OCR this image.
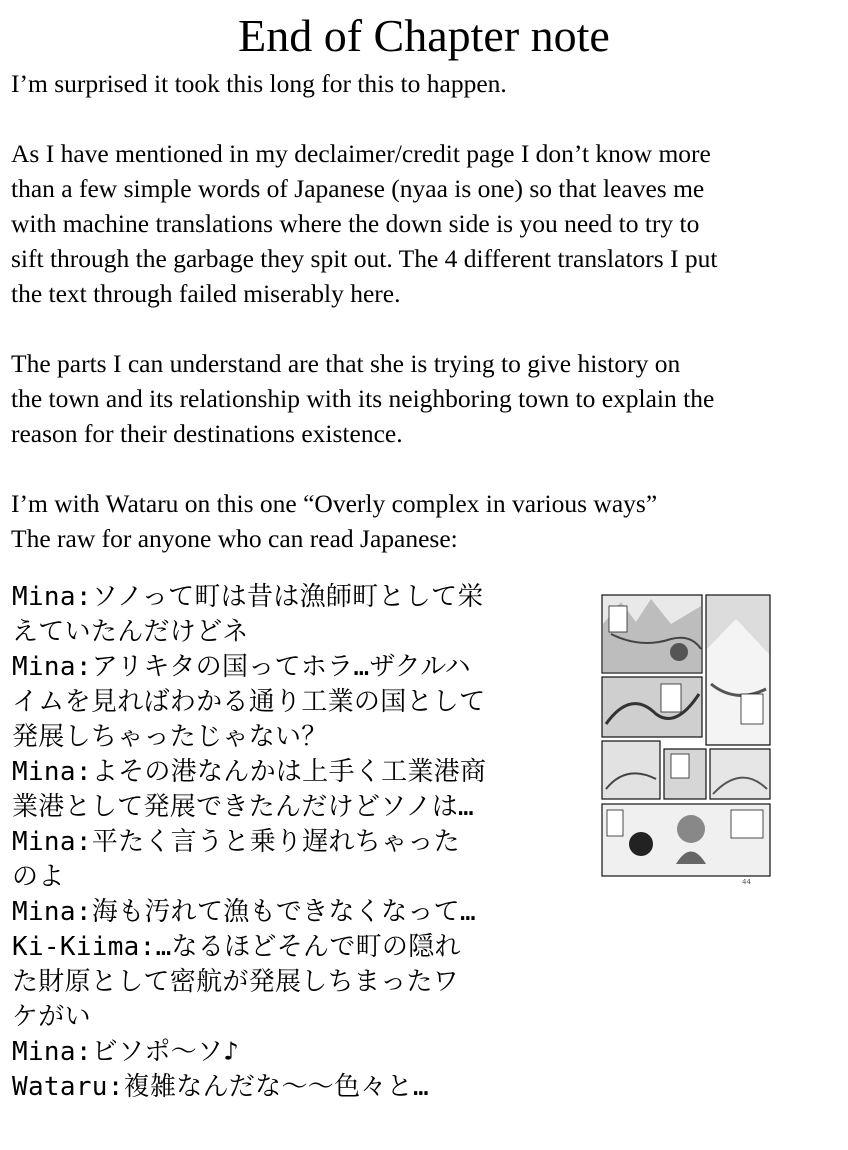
End of Chapter note
I’m surprised it took this long for this to happen.
As I have mentioned in my declaimer/credit page I don’t know more
than a few simple words of Japanese (nyaa is one) so that leaves me
with machine translations where the down side is you need to try to
sift through the garbage they spit out. The 4 different translators I put
the text through failed miserably here.
The parts I can understand are that she is trying to give history on
the town and its relationship with its neighboring town to explain the
reason for their destinations existence.
I’m with Wataru on this one “Overly complex in various ways”
The raw for anyone who can read Japanese:
Mina:ソノって町は昔は漁師町として栄
えていたんだけどネ
Mina:アリキタの国ってホラ…ザクルハ
イムを見ればわかる通り工業の国として
発展しちゃったじゃない？
Mina:よその港なんかは上手く工業港商
業港として発展できたんだけどソノは…
Mina:平たく言うと乗り遅れちゃった
のよ
Mina:海も汚れて漁もできなくなって…
Ki-Kiima:…なるほどそんで町の隠れ
た財原として密航が発展しちまったワ
ケがい
Mina:ビソポ～ソ♪
Wataru:複雑なんだな～～色々と…
44
